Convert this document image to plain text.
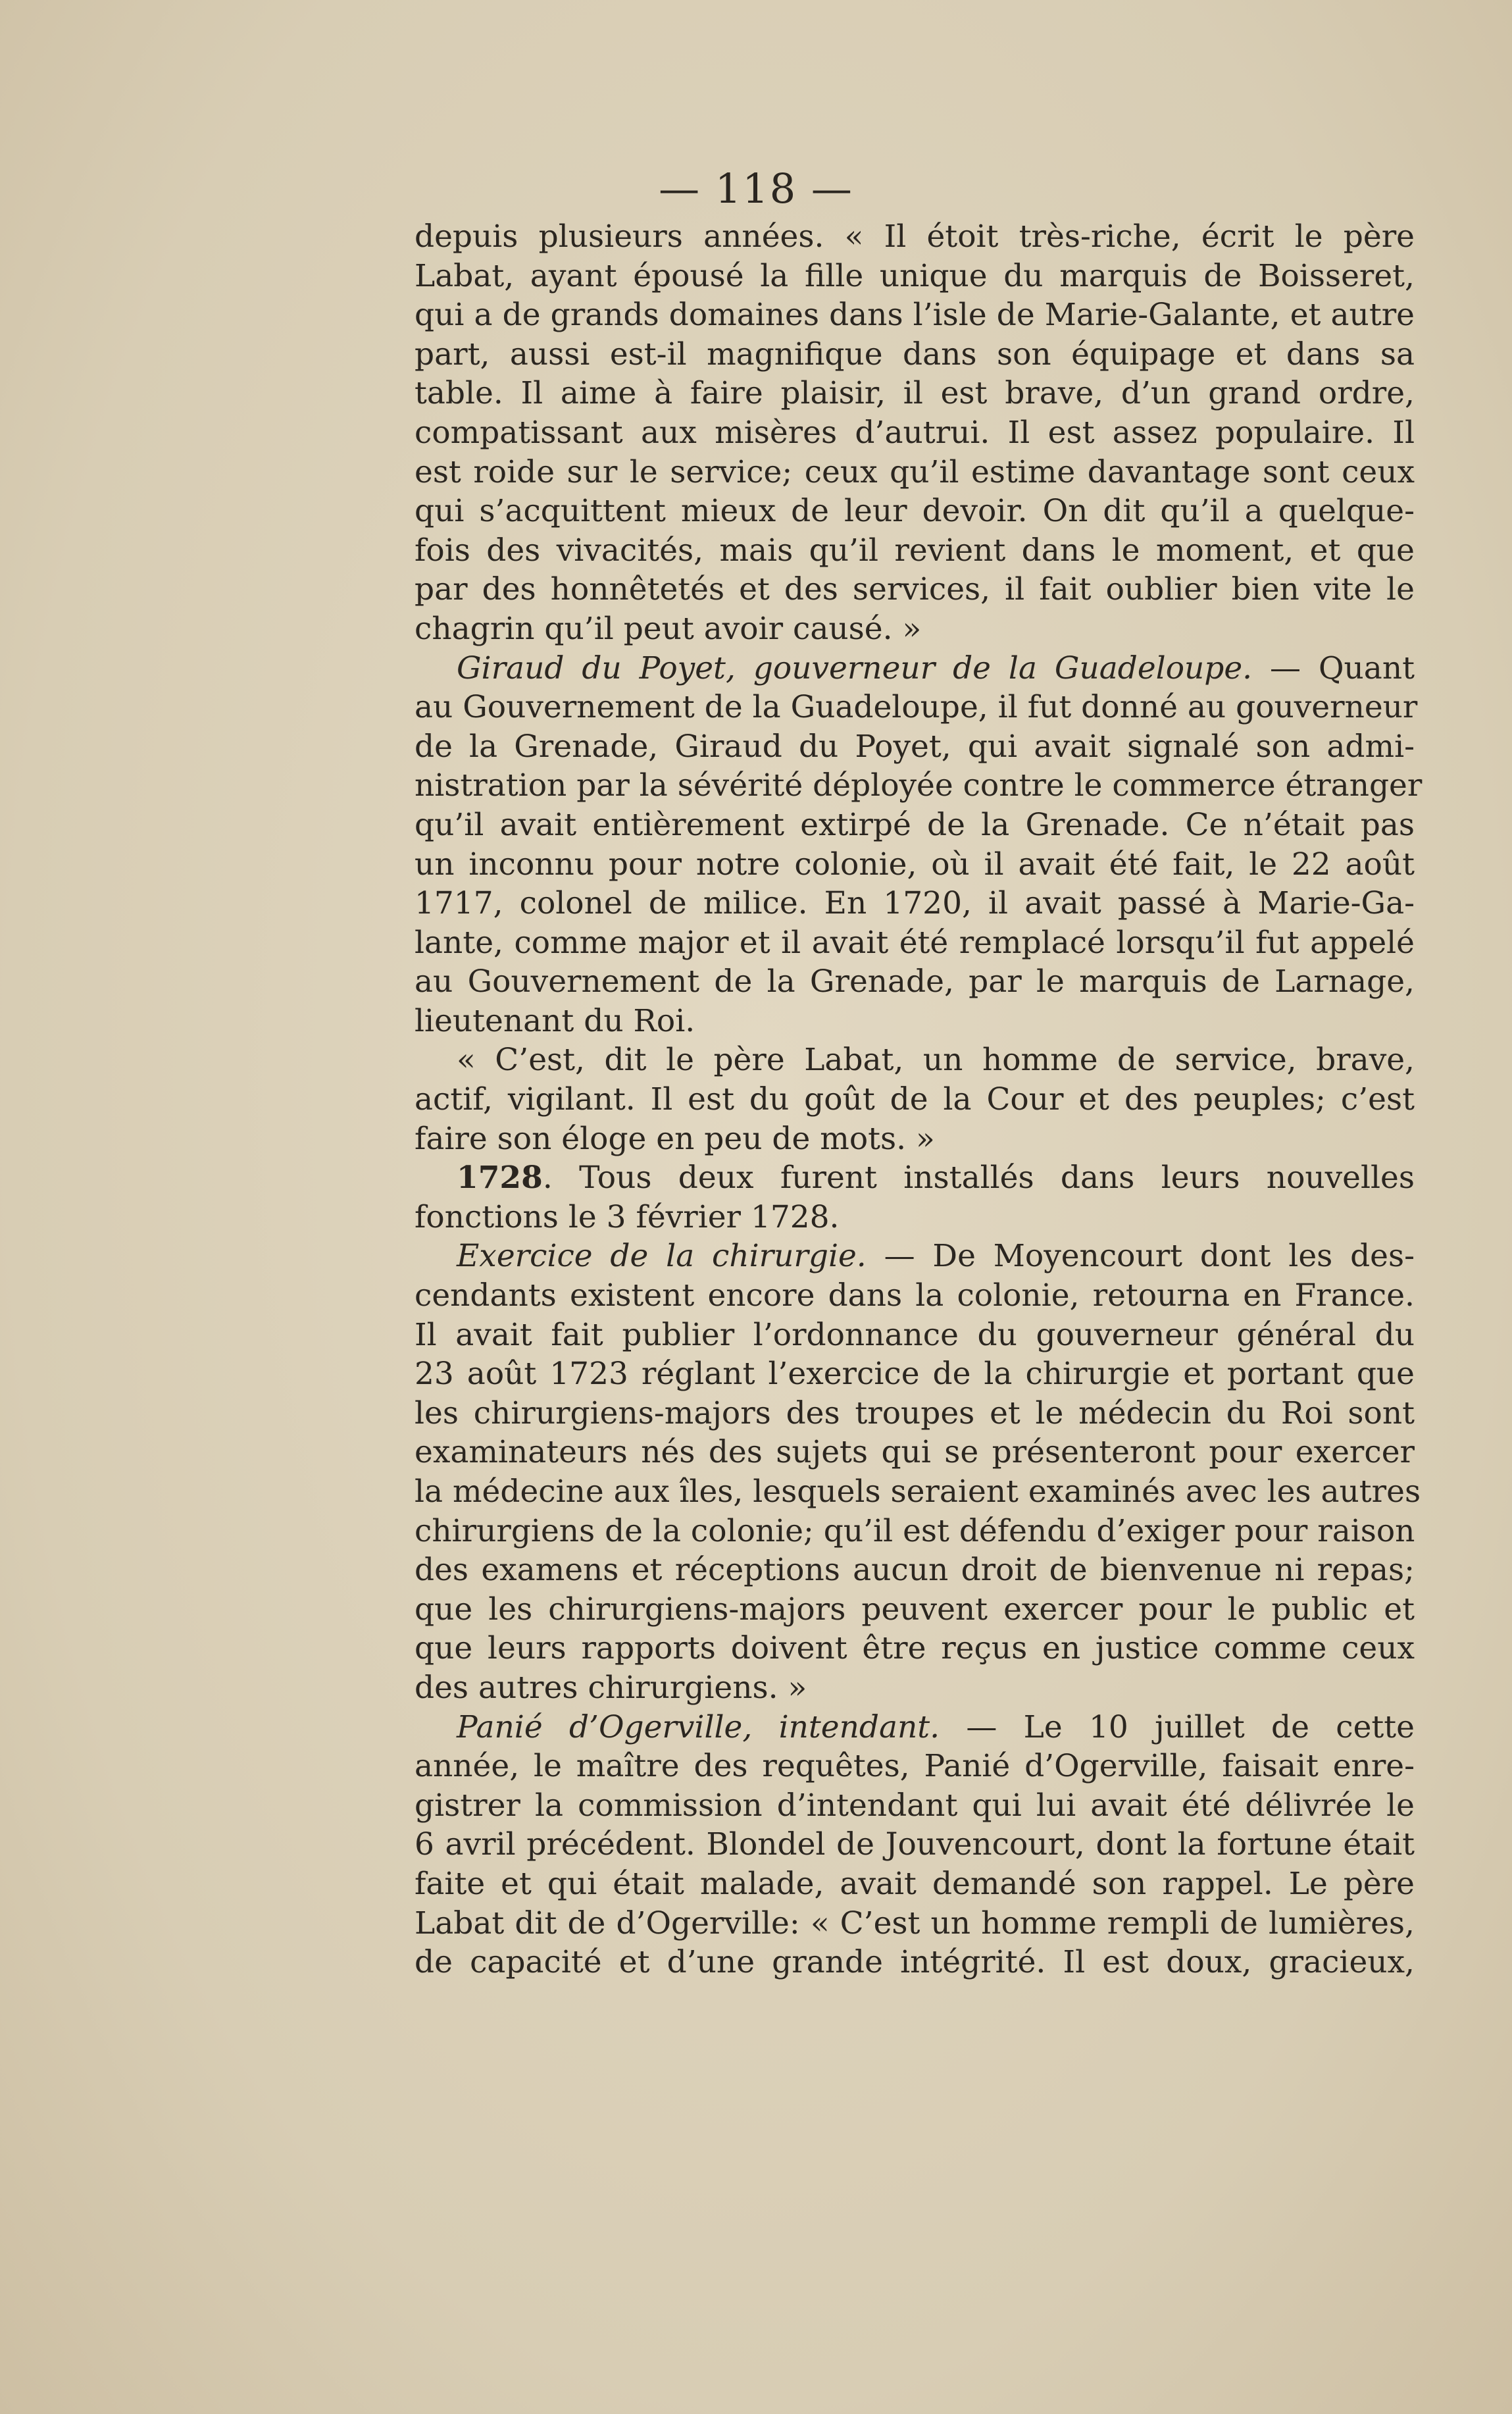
— 118 —
depuis plusieurs années. « Il étoit très-riche, écrit le père
Labat, ayant épousé la fille unique du marquis de Boisseret,
qui a de grands domaines dans l’isle de Marie-Galante, et autre
part, aussi est-il magnifique dans son équipage et dans sa
table. Il aime à faire plaisir, il est brave, d’un grand ordre,
compatissant aux misères d’autrui. Il est assez populaire. Il
est roide sur le service; ceux qu’il estime davantage sont ceux
qui s’acquittent mieux de leur devoir. On dit qu’il a quelque-
fois des vivacités, mais qu’il revient dans le moment, et que
par des honnêtetés et des services, il fait oublier bien vite le
chagrin qu’il peut avoir causé. »
Giraud du Poyet, gouverneur de la Guadeloupe. — Quant
au Gouvernement de la Guadeloupe, il fut donné au gouverneur
de la Grenade, Giraud du Poyet, qui avait signalé son admi-
nistration par la sévérité déployée contre le commerce étranger
qu’il avait entièrement extirpé de la Grenade. Ce n’était pas
un inconnu pour notre colonie, où il avait été fait, le 22 août
1717, colonel de milice. En 1720, il avait passé à Marie-Ga-
lante, comme major et il avait été remplacé lorsqu’il fut appelé
au Gouvernement de la Grenade, par le marquis de Larnage,
lieutenant du Roi.
« C’est, dit le père Labat, un homme de service, brave,
actif, vigilant. Il est du goût de la Cour et des peuples; c’est
faire son éloge en peu de mots. »
1728. Tous deux furent installés dans leurs nouvelles
fonctions le 3 février 1728.
Exercice de la chirurgie. — De Moyencourt dont les des-
cendants existent encore dans la colonie, retourna en France.
Il avait fait publier l’ordonnance du gouverneur général du
23 août 1723 réglant l’exercice de la chirurgie et portant que
les chirurgiens-majors des troupes et le médecin du Roi sont
examinateurs nés des sujets qui se présenteront pour exercer
la médecine aux îles, lesquels seraient examinés avec les autres
chirurgiens de la colonie; qu’il est défendu d’exiger pour raison
des examens et réceptions aucun droit de bienvenue ni repas;
que les chirurgiens-majors peuvent exercer pour le public et
que leurs rapports doivent être reçus en justice comme ceux
des autres chirurgiens. »
Panié d’Ogerville, intendant. — Le 10 juillet de cette
année, le maître des requêtes, Panié d’Ogerville, faisait enre-
gistrer la commission d’intendant qui lui avait été délivrée le
6 avril précédent. Blondel de Jouvencourt, dont la fortune était
faite et qui était malade, avait demandé son rappel. Le père
Labat dit de d’Ogerville: « C’est un homme rempli de lumières,
de capacité et d’une grande intégrité. Il est doux, gracieux,
